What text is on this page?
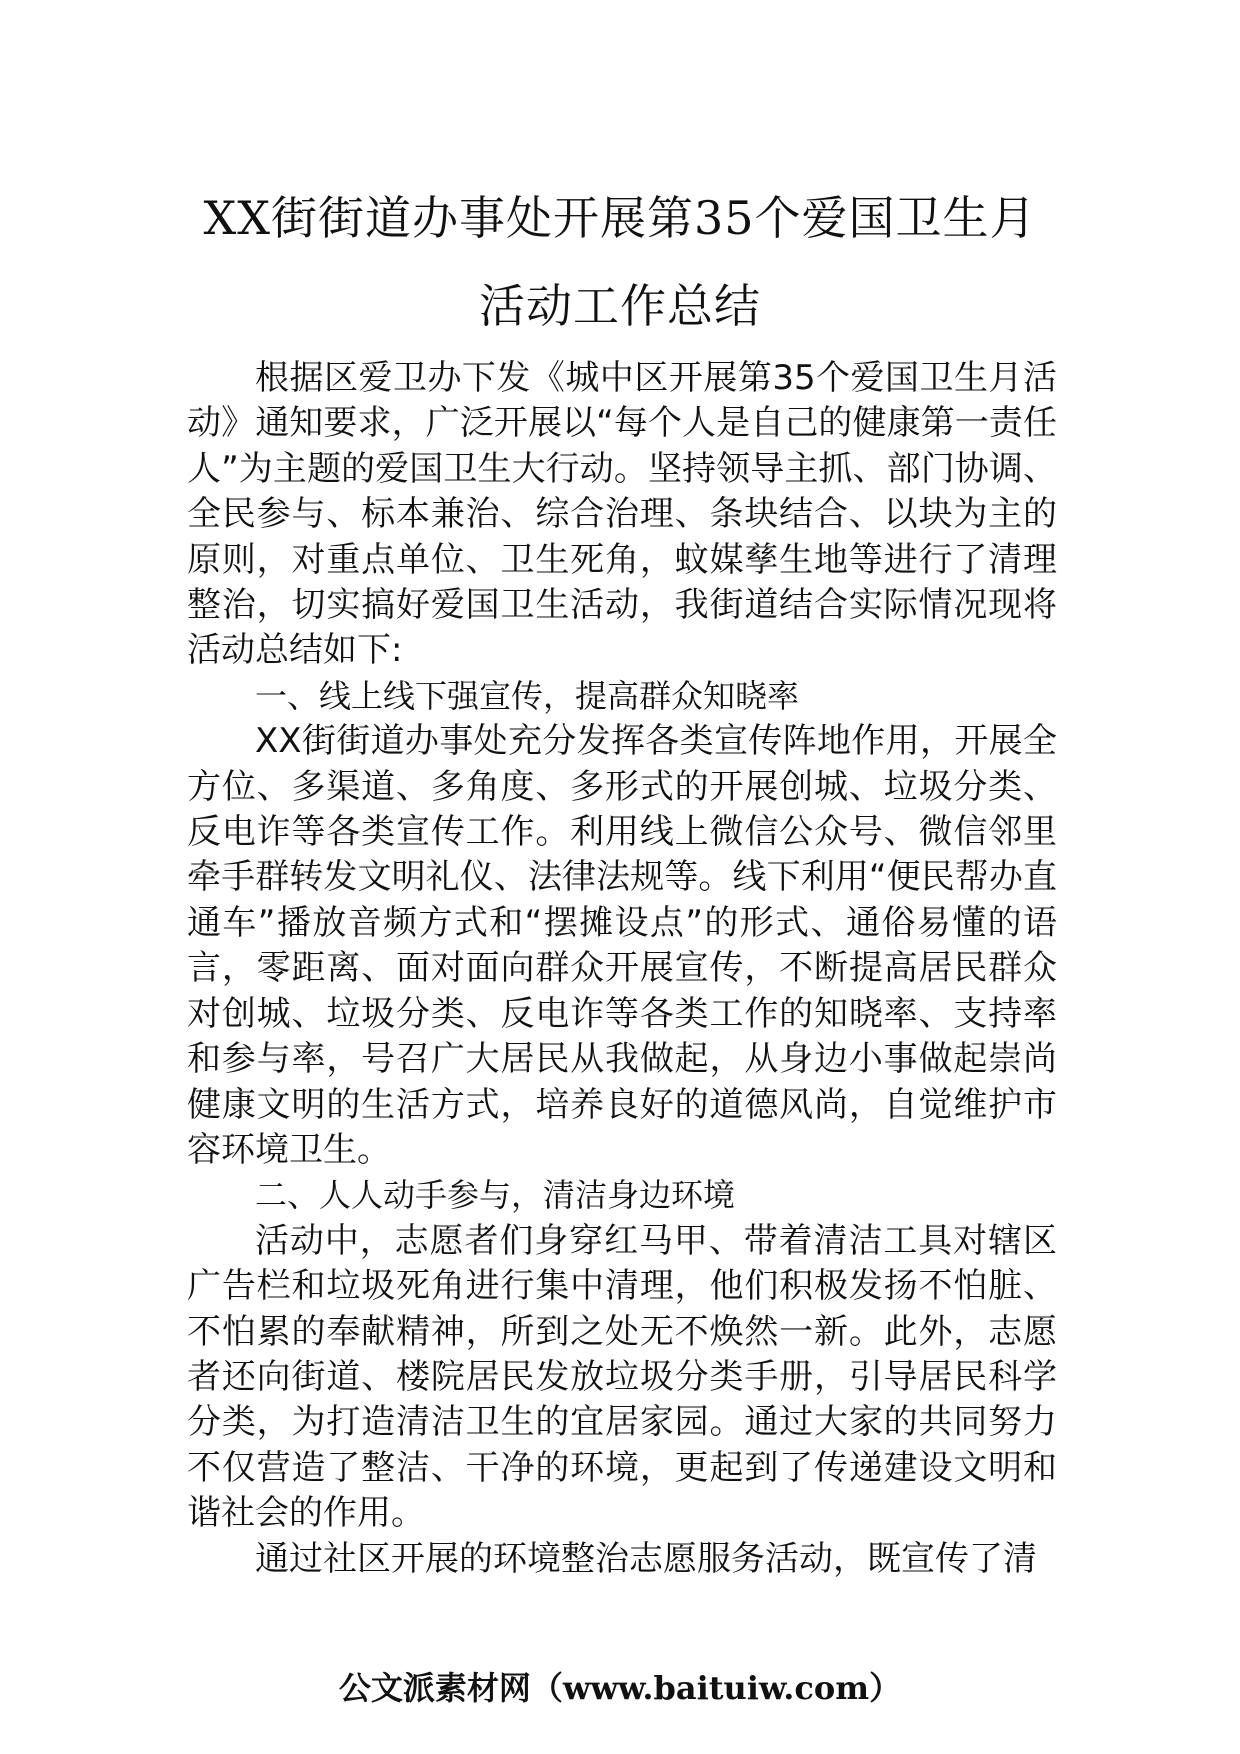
XX街街道办事处开展第35个爱国卫生月
活动工作总结

根据区爱卫办下发《城中区开展第35个爱国卫生月活动》通知要求，广泛开展以“每个人是自己的健康第一责任人”为主题的爱国卫生大行动。坚持领导主抓、部门协调、全民参与、标本兼治、综合治理、条块结合、以块为主的原则，对重点单位、卫生死角，蚊媒孳生地等进行了清理整治，切实搞好爱国卫生活动，我街道结合实际情况现将活动总结如下:

一、线上线下强宣传，提高群众知晓率

XX街街道办事处充分发挥各类宣传阵地作用，开展全方位、多渠道、多角度、多形式的开展创城、垃圾分类、反电诈等各类宣传工作。利用线上微信公众号、微信邻里牵手群转发文明礼仪、法律法规等。线下利用“便民帮办直通车”播放音频方式和“摆摊设点”的形式、通俗易懂的语言，零距离、面对面向群众开展宣传，不断提高居民群众对创城、垃圾分类、反电诈等各类工作的知晓率、支持率和参与率，号召广大居民从我做起，从身边小事做起崇尚健康文明的生活方式，培养良好的道德风尚，自觉维护市容环境卫生。

二、人人动手参与，清洁身边环境

活动中，志愿者们身穿红马甲、带着清洁工具对辖区广告栏和垃圾死角进行集中清理，他们积极发扬不怕脏、不怕累的奉献精神，所到之处无不焕然一新。此外，志愿者还向街道、楼院居民发放垃圾分类手册，引导居民科学分类，为打造清洁卫生的宜居家园。通过大家的共同努力不仅营造了整洁、干净的环境，更起到了传递建设文明和谐社会的作用。

通过社区开展的环境整治志愿服务活动，既宣传了清

公文派素材网（www.baituiw.com）
